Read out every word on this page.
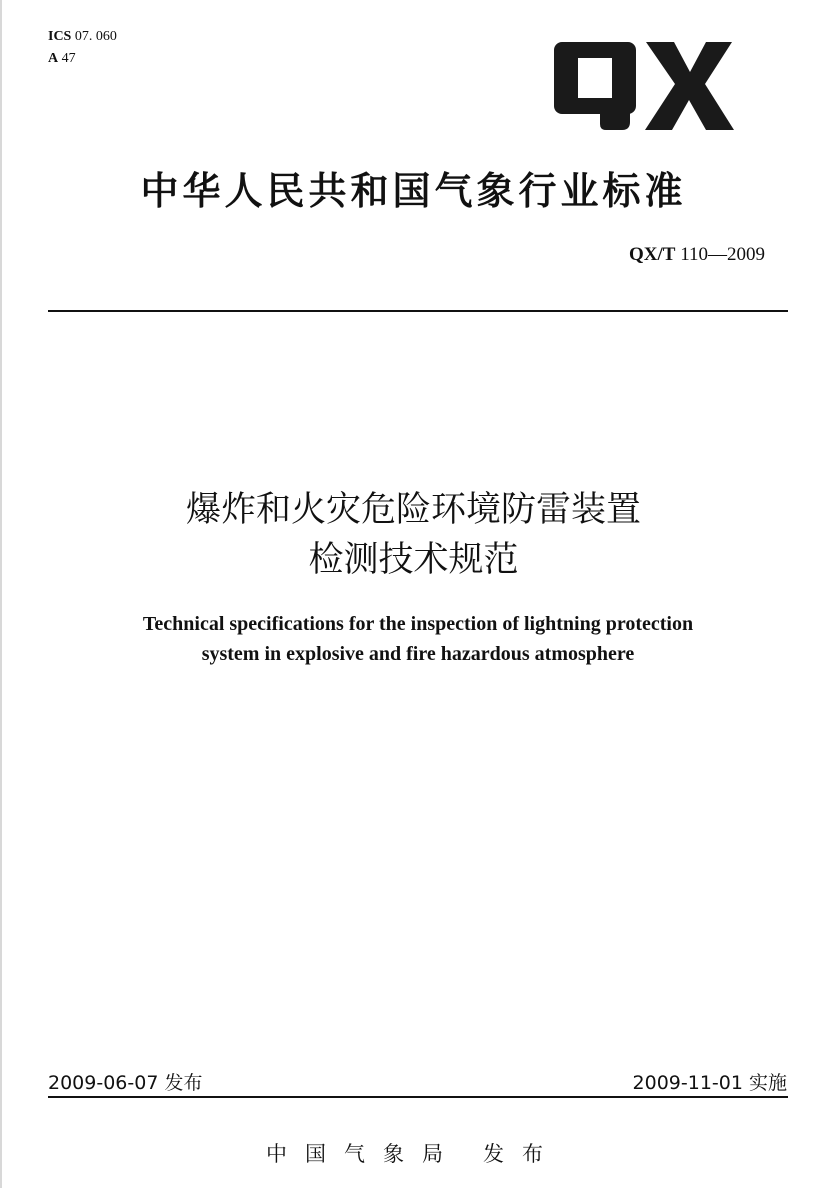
ICS 07. 060
A 47
中华人民共和国气象行业标准
QX/T 110—2009
爆炸和火灾危险环境防雷装置
检测技术规范
Technical specifications for the inspection of lightning protection
system in explosive and fire hazardous atmosphere
2009-06-07 发布	2009-11-01 实施
中国气象局 发布
